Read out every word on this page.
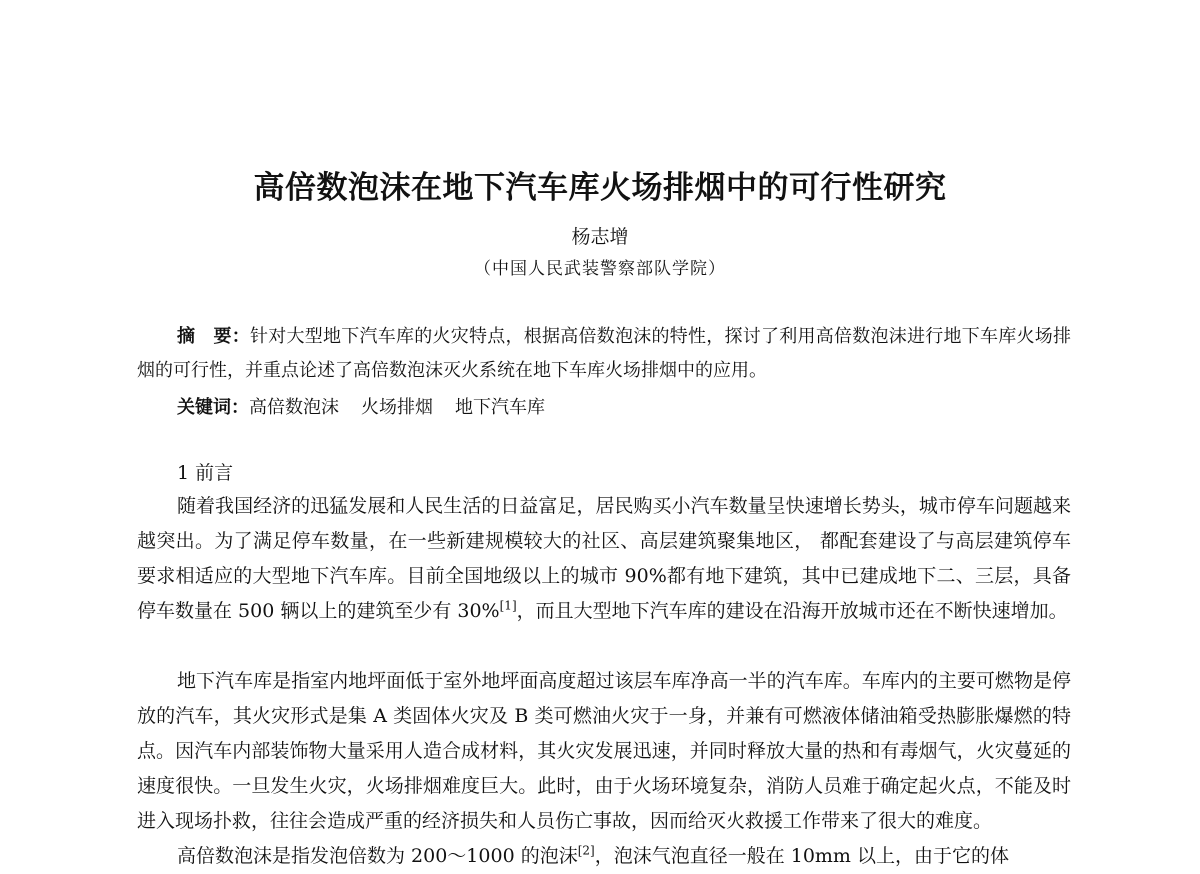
高倍数泡沫在地下汽车库火场排烟中的可行性研究

杨志增

（中国人民武装警察部队学院）

摘　要：针对大型地下汽车库的火灾特点，根据高倍数泡沫的特性，探讨了利用高倍数泡沫进行地下车库火场排烟的可行性，并重点论述了高倍数泡沫灭火系统在地下车库火场排烟中的应用。

关键词：高倍数泡沫 火场排烟 地下汽车库

1 前言

随着我国经济的迅猛发展和人民生活的日益富足，居民购买小汽车数量呈快速增长势头，城市停车问题越来越突出。为了满足停车数量，在一些新建规模较大的社区、高层建筑聚集地区， 都配套建设了与高层建筑停车要求相适应的大型地下汽车库。目前全国地级以上的城市 90%都有地下建筑，其中已建成地下二、三层，具备停车数量在 500 辆以上的建筑至少有 30%[1]，而且大型地下汽车库的建设在沿海开放城市还在不断快速增加。

地下汽车库是指室内地坪面低于室外地坪面高度超过该层车库净高一半的汽车库。车库内的主要可燃物是停放的汽车，其火灾形式是集 A 类固体火灾及 B 类可燃油火灾于一身，并兼有可燃液体储油箱受热膨胀爆燃的特点。因汽车内部装饰物大量采用人造合成材料，其火灾发展迅速，并同时释放大量的热和有毒烟气，火灾蔓延的速度很快。一旦发生火灾，火场排烟难度巨大。此时，由于火场环境复杂，消防人员难于确定起火点，不能及时进入现场扑救，往往会造成严重的经济损失和人员伤亡事故，因而给灭火救援工作带来了很大的难度。

高倍数泡沫是指发泡倍数为 200～1000 的泡沫[2]，泡沫气泡直径一般在 10mm 以上，由于它的体
